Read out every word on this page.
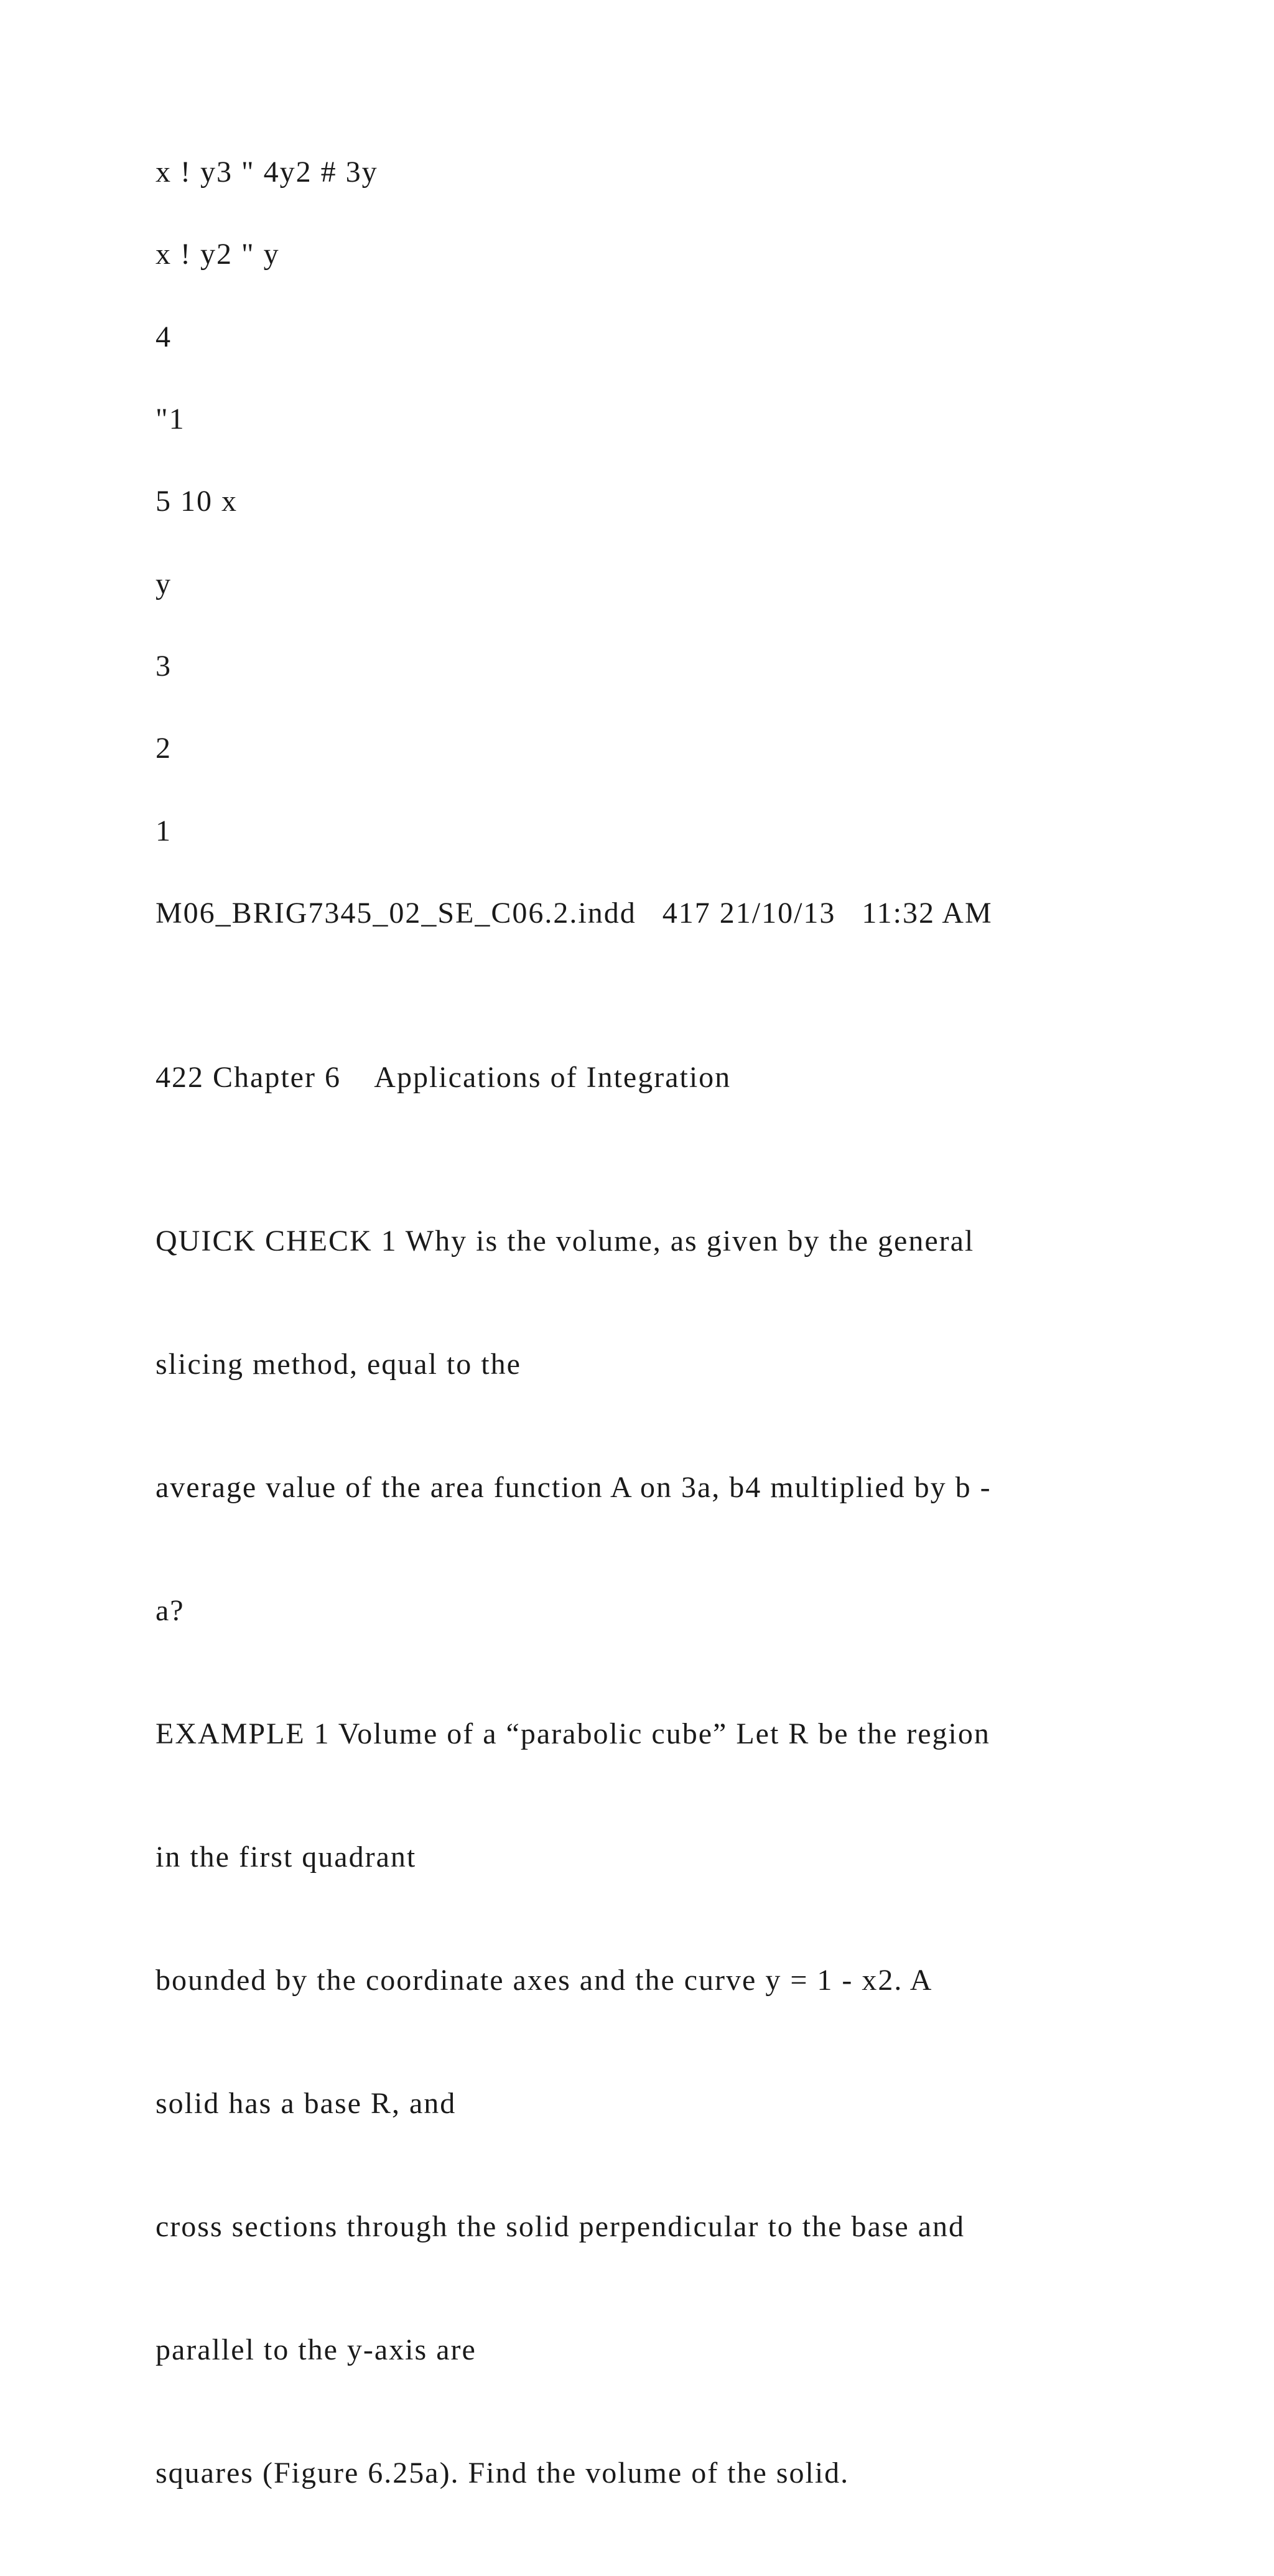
x ! y3 " 4y2 # 3y
x ! y2 " y
4
"1
5 10 x
y
3
2
1
M06_BRIG7345_02_SE_C06.2.indd   417 21/10/13   11:32 AM
422 Chapter 6    Applications of Integration

QUICK CHECK 1 Why is the volume, as given by the general

slicing method, equal to the

average value of the area function A on 3a, b4 multiplied by b -

a?

EXAMPLE 1 Volume of a “parabolic cube” Let R be the region

in the first quadrant

bounded by the coordinate axes and the curve y = 1 - x2. A

solid has a base R, and

cross sections through the solid perpendicular to the base and

parallel to the y-axis are

squares (Figure 6.25a). Find the volume of the solid.
